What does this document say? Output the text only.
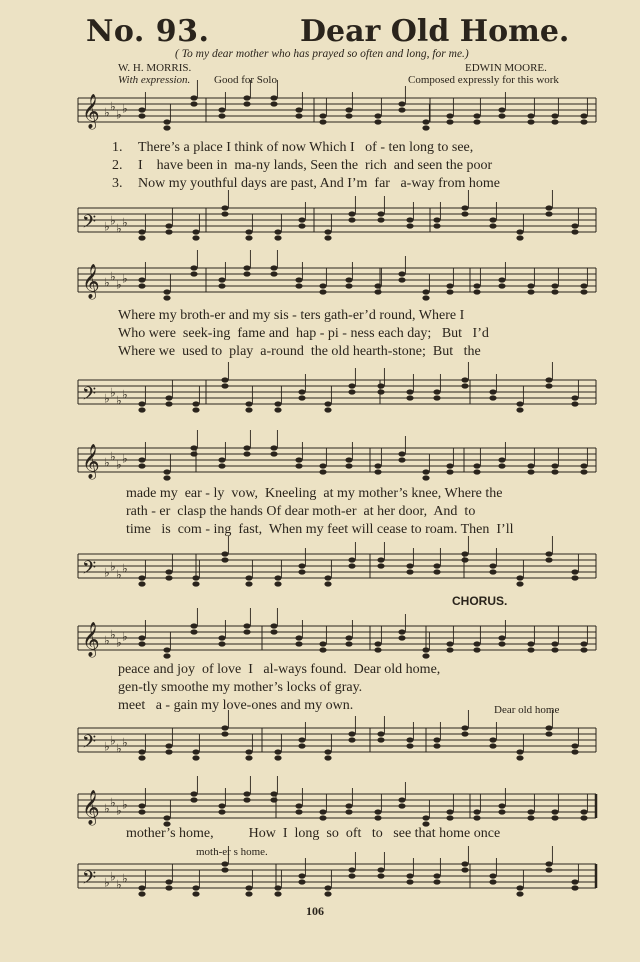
No. 93.	Dear Old Home.
( To my dear mother who has prayed so often and long, for me.)
W. H. MORRIS.
With expression. Good for Solo
EDWIN MOORE.
Composed expressly for this work
𝄞 ♭ ♭
♭ ♭
1. There’s a place I think of now Which I   of - ten long to see,
2. I    have been in  ma-ny lands, Seen the  rich  and seen the poor
3. Now my youthful days are past, And I’m  far   a-way from home
𝄢 ♭ ♭
♭ ♭
𝄞 ♭ ♭
♭ ♭
Where my broth-er and my sis - ters gath-er’d round, Where I
Who were  seek-ing  fame and  hap - pi - ness each day;   But   I’d
Where we  used to  play  a-round  the old hearth-stone;  But   the
𝄢 ♭ ♭
♭ ♭
𝄞 ♭ ♭
♭ ♭
made my  ear - ly  vow,  Kneeling  at my mother’s knee, Where the
rath - er  clasp the hands Of dear moth-er  at her door,  And  to
time   is  com - ing  fast,  When my feet will cease to roam. Then  I’ll
𝄢 ♭ ♭
♭ ♭
CHORUS.
𝄞 ♭ ♭
♭ ♭
peace and joy  of love  I   al-ways found.  Dear old home,
gen-tly smoothe my mother’s locks of gray.
meet   a - gain my love-ones and my own.	Dear old home
𝄢 ♭ ♭
♭ ♭
𝄞 ♭ ♭
♭ ♭
mother’s home,          How  I  long  so  oft   to   see that home once
moth-er s home.
𝄢 ♭ ♭
♭ ♭
106
